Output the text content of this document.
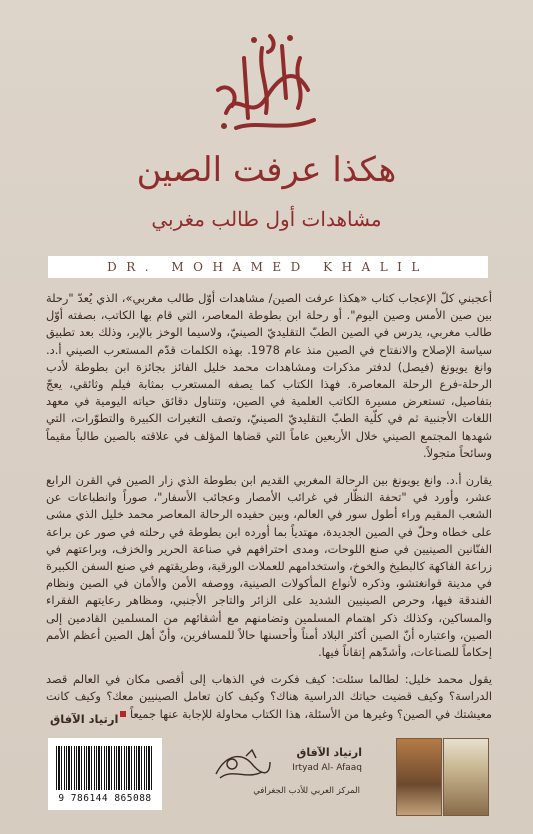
هكذا عرفت الصين
مشاهدات أول طالب مغربي
DR. MOHAMED KHALIL

أعجبني كلّ الإعجاب كتاب «هكذا عرفت الصين/ مشاهدات أوّل طالب مغربي»، الذي يُعدّ "رحلة بين صين الأمس وصين اليوم". أو رحلة ابن بطوطة المعاصر، التي قام بها الكاتب، بصفته أوّل طالب مغربي، يدرس في الصين الطبّ التقليديّ الصينيّ، ولاسيما الوخز بالإبر، وذلك بعد تطبيق سياسة الإصلاح والانفتاح في الصين منذ عام 1978. بهذه الكلمات قدّم المستعرب الصيني أ.د. وانغ يويونغ (فيصل) لدفتر مذكرات ومشاهدات محمد خليل الفائز بجائزة ابن بطوطة لأدب الرحلة-فرع الرحلة المعاصرة. فهذا الكتاب كما يصفه المستعرب بمثابة فيلم وثائقي، يعجّ بتفاصيل، تستعرض مسيرة الكاتب العلمية في الصين، وتتناول دقائق حياته اليومية في معهد اللغات الأجنبية ثم في كلّية الطبّ التقليديّ الصينيّ، وتصف التغيرات الكبيرة والتطوّرات، التي شهدها المجتمع الصيني خلال الأربعين عاماً التي قضاها المؤلف في علاقته بالصين طالباً مقيماً وسائحاً متجولاً.

يقارن أ.د. وانغ يويونغ بين الرحالة المغربي القديم ابن بطوطة الذي زار الصين في القرن الرابع عشر، وأورد في "تحفة النظّار في غرائب الأمصار وعجائب الأسفار"، صوراً وانطباعات عن الشعب المقيم وراء أطول سور في العالم، وبين حفيده الرحالة المعاصر محمد خليل الذي مشى على خطاه وحلّ في الصين الجديدة، مهتدياً بما أورده ابن بطوطة في رحلته في صور عن براعة الفنّانين الصينيين في صنع اللوحات، ومدى احترافهم في صناعة الحرير والخزف، وبراعتهم في زراعة الفاكهة كالبطيخ والخوخ، واستخدامهم للعملات الورقية، وطريقتهم في صنع السفن الكبيرة في مدينة قوانغتشو، وذكره لأنواع المأكولات الصينية، ووصفه الأمن والأمان في الصين ونظام الفندقة فيها، وحرص الصينيين الشديد على الزائر والتاجر الأجنبي، ومظاهر رعايتهم الفقراء والمساكين، وكذلك ذكر اهتمام المسلمين وتضامنهم مع أشقائهم من المسلمين القادمين إلى الصين، واعتباره أنّ الصين أكثر البلاد أمناً وأحسنها حالاً للمسافرين، وأنّ أهل الصين أعظم الأمم إحكاماً للصناعات، وأشدّهم إتقاناً فيها.

يقول محمد خليل: لطالما سئلت: كيف فكرت في الذهاب إلى أقصى مكان في العالم قصد الدراسة؟ وكيف قضيت حياتك الدراسية هناك؟ وكيف كان تعامل الصينيين معك؟ وكيف كانت معيشتك في الصين؟ وغيرها من الأسئلة، هذا الكتاب محاولة للإجابة عنها جميعاً

ارتياد الآفاق
9 786144 865088
ارتياد الآفاق
Irtyad Al- Afaaq
المركز العربي للأدب الجغرافي
